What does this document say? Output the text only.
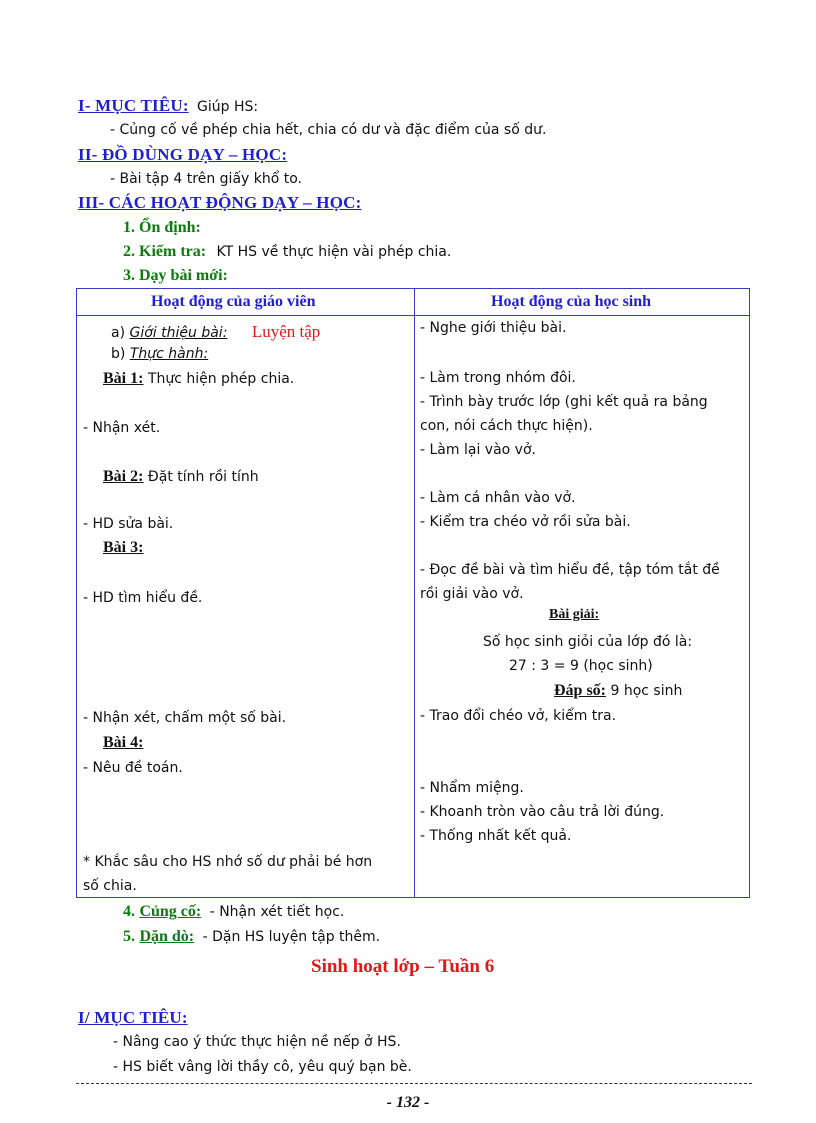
I- MỤC TIÊU: Giúp HS:
- Củng cố về phép chia hết, chia có dư và đặc điểm của số dư.
II- ĐỒ DÙNG DẠY – HỌC:
- Bài tập 4 trên giấy khổ to.
III- CÁC HOẠT ĐỘNG DẠY – HỌC:
1. Ổn định:
2. Kiểm tra: KT HS về thực hiện vài phép chia.
3. Dạy bài mới:
Hoạt động của giáo viên	Hoạt động của học sinh
a) Giới thiệu bài: Luyện tập
b) Thực hành:
Bài 1: Thực hiện phép chia.
- Nhận xét.
Bài 2: Đặt tính rồi tính
- HD sửa bài.
Bài 3:
- HD tìm hiểu đề.
- Nhận xét, chấm một số bài.
Bài 4:
- Nêu đề toán.
* Khắc sâu cho HS nhớ số dư phải bé hơn
số chia.
- Nghe giới thiệu bài.
- Làm trong nhóm đôi.
- Trình bày trước lớp (ghi kết quả ra bảng
con, nói cách thực hiện).
- Làm lại vào vở.
- Làm cá nhân vào vở.
- Kiểm tra chéo vở rồi sửa bài.
- Đọc đề bài và tìm hiểu đề, tập tóm tắt đề
rồi giải vào vở.
Bài giải:
Số học sinh giỏi của lớp đó là:
27 : 3 = 9 (học sinh)
Đáp số: 9 học sinh
- Trao đổi chéo vở, kiểm tra.
- Nhẩm miệng.
- Khoanh tròn vào câu trả lời đúng.
- Thống nhất kết quả.
4. Củng cố: - Nhận xét tiết học.
5. Dặn dò: - Dặn HS luyện tập thêm.
Sinh hoạt lớp – Tuần 6
I/ MỤC TIÊU:
- Nâng cao ý thức thực hiện nề nếp ở HS.
- HS biết vâng lời thầy cô, yêu quý bạn bè.
- 132 -
